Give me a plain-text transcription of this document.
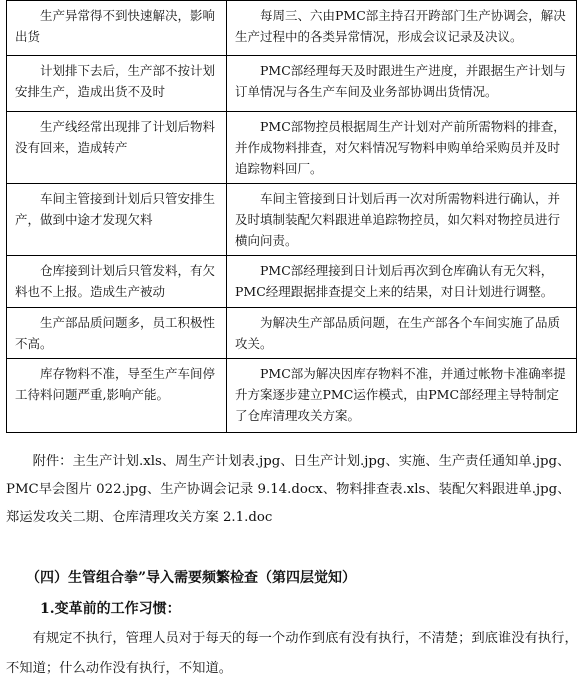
生产异常得不到快速解决，影响出货	每周三、六由PMC部主持召开跨部门生产协调会，解决生产过程中的各类异常情况，形成会议记录及决议。
计划排下去后，生产部不按计划安排生产，造成出货不及时	PMC部经理每天及时跟进生产进度，并跟据生产计划与订单情况与各生产车间及业务部协调出货情况。
生产线经常出现排了计划后物料没有回来，造成转产	PMC部物控员根据周生产计划对产前所需物料的排查，并作成物料排查，对欠料情况写物料申购单给采购员并及时追踪物料回厂。
车间主管接到计划后只管安排生产，做到中途才发现欠料	车间主管接到日计划后再一次对所需物料进行确认，并及时填制装配欠料跟进单追踪物控员，如欠料对物控员进行横向问责。
仓库接到计划后只管发料，有欠料也不上报。造成生产被动	PMC部经理接到日计划后再次到仓库确认有无欠料，PMC经理跟据排查提交上来的结果，对日计划进行调整。
生产部品质问题多，员工积极性不高。	为解决生产部品质问题，在生产部各个车间实施了品质攻关。
库存物料不准，导至生产车间停工待料问题严重,影响产能。	PMC部为解决因库存物料不准，并通过帐物卡准确率提升方案逐步建立PMC运作模式，由PMC部经理主导特制定了仓库清理攻关方案。

附件：主生产计划.xls、周生产计划表.jpg、日生产计划.jpg、实施、生产责任通知单.jpg、PMC早会图片 022.jpg、生产协调会记录 9.14.docx、物料排查表.xls、装配欠料跟进单.jpg、郑运发攻关二期、仓库清理攻关方案 2.1.doc

（四）生管组合拳”导入需要频繁检查（第四层觉知）
1.变革前的工作习惯：

有规定不执行，管理人员对于每天的每一个动作到底有没有执行，不清楚；到底谁没有执行，不知道；什么动作没有执行，不知道。
